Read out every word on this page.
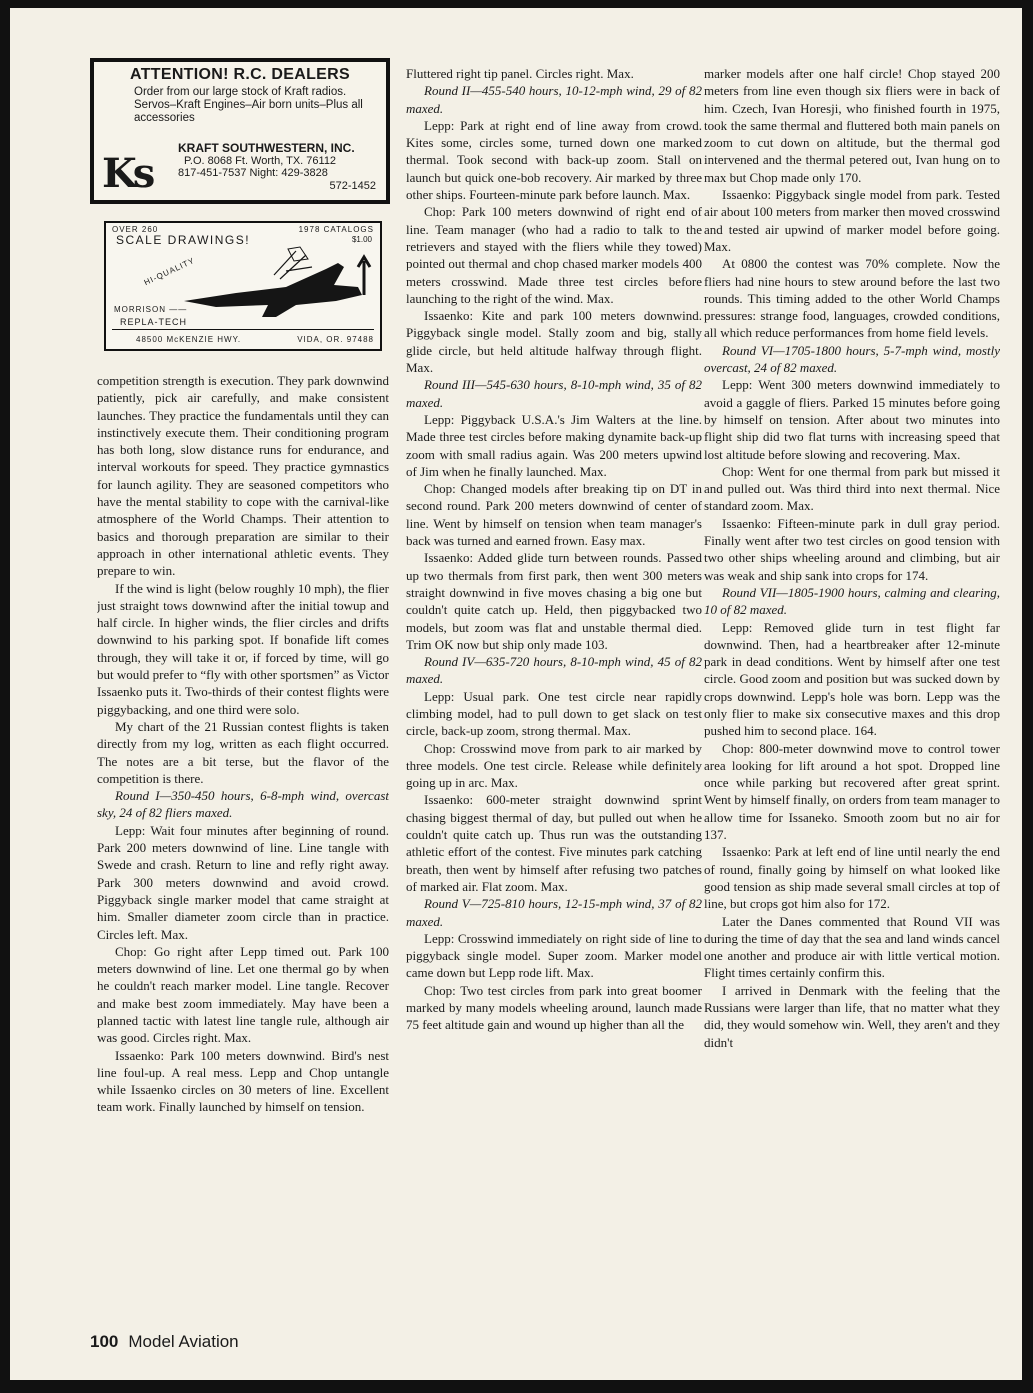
ATTENTION! R.C. DEALERS
Order from our large stock of Kraft radios. Servos–Kraft Engines–Air born units–Plus all accessories
Ks
KRAFT SOUTHWESTERN, INC.
P.O. 8068 Ft. Worth, TX. 76112
817-451-7537 Night: 429-3828
572-1452
OVER 260
SCALE DRAWINGS!
1978 CATALOGS
$1.00
HI-QUALITY
MORRISON ——
REPLA-TECH
48500 McKENZIE HWY.	VIDA, OR. 97488

competition strength is execution. They park downwind patiently, pick air carefully, and make consistent launches. They practice the fundamentals until they can instinctively execute them. Their conditioning program has both long, slow distance runs for endurance, and interval workouts for speed. They practice gymnastics for launch agility. They are seasoned competitors who have the mental stability to cope with the carnival-like atmosphere of the World Champs. Their attention to basics and thorough preparation are similar to their approach in other international athletic events. They prepare to win.

If the wind is light (below roughly 10 mph), the flier just straight tows downwind after the initial towup and half circle. In higher winds, the flier circles and drifts downwind to his parking spot. If bonafide lift comes through, they will take it or, if forced by time, will go but would prefer to “fly with other sportsmen” as Victor Issaenko puts it. Two-thirds of their contest flights were piggybacking, and one third were solo.

My chart of the 21 Russian contest flights is taken directly from my log, written as each flight occurred. The notes are a bit terse, but the flavor of the competition is there.

Round I—350-450 hours, 6-8-mph wind, overcast sky, 24 of 82 fliers maxed.

Lepp: Wait four minutes after beginning of round. Park 200 meters downwind of line. Line tangle with Swede and crash. Return to line and refly right away. Park 300 meters downwind and avoid crowd. Piggyback single marker model that came straight at him. Smaller diameter zoom circle than in practice. Circles left. Max.

Chop: Go right after Lepp timed out. Park 100 meters downwind of line. Let one thermal go by when he couldn't reach marker model. Line tangle. Recover and make best zoom immediately. May have been a planned tactic with latest line tangle rule, although air was good. Circles right. Max.

Issaenko: Park 100 meters downwind. Bird's nest line foul-up. A real mess. Lepp and Chop untangle while Issaenko circles on 30 meters of line. Excellent team work. Finally launched by himself on tension.

Fluttered right tip panel. Circles right. Max.

Round II—455-540 hours, 10-12-mph wind, 29 of 82 maxed.

Lepp: Park at right end of line away from crowd. Kites some, circles some, turned down one marked thermal. Took second with back-up zoom. Stall on launch but quick one-bob recovery. Air marked by three other ships. Fourteen-minute park before launch. Max.

Chop: Park 100 meters downwind of right end of line. Team manager (who had a radio to talk to the retrievers and stayed with the fliers while they towed) pointed out thermal and chop chased marker models 400 meters crosswind. Made three test circles before launching to the right of the wind. Max.

Issaenko: Kite and park 100 meters downwind. Piggyback single model. Stally zoom and big, stally glide circle, but held altitude halfway through flight. Max.

Round III—545-630 hours, 8-10-mph wind, 35 of 82 maxed.

Lepp: Piggyback U.S.A.'s Jim Walters at the line. Made three test circles before making dynamite back-up zoom with small radius again. Was 200 meters upwind of Jim when he finally launched. Max.

Chop: Changed models after breaking tip on DT in second round. Park 200 meters downwind of center of line. Went by himself on tension when team manager's back was turned and earned frown. Easy max.

Issaenko: Added glide turn between rounds. Passed up two thermals from first park, then went 300 meters straight downwind in five moves chasing a big one but couldn't quite catch up. Held, then piggybacked two models, but zoom was flat and unstable thermal died. Trim OK now but ship only made 103.

Round IV—635-720 hours, 8-10-mph wind, 45 of 82 maxed.

Lepp: Usual park. One test circle near rapidly climbing model, had to pull down to get slack on test circle, back-up zoom, strong thermal. Max.

Chop: Crosswind move from park to air marked by three models. One test circle. Release while definitely going up in arc. Max.

Issaenko: 600-meter straight downwind sprint chasing biggest thermal of day, but pulled out when he couldn't quite catch up. Thus run was the outstanding athletic effort of the contest. Five minutes park catching breath, then went by himself after refusing two patches of marked air. Flat zoom. Max.

Round V—725-810 hours, 12-15-mph wind, 37 of 82 maxed.

Lepp: Crosswind immediately on right side of line to piggyback single model. Super zoom. Marker model came down but Lepp rode lift. Max.

Chop: Two test circles from park into great boomer marked by many models wheeling around, launch made 75 feet altitude gain and wound up higher than all the

marker models after one half circle! Chop stayed 200 meters from line even though six fliers were in back of him. Czech, Ivan Horesji, who finished fourth in 1975, took the same thermal and fluttered both main panels on zoom to cut down on altitude, but the thermal god intervened and the thermal petered out, Ivan hung on to max but Chop made only 170.

Issaenko: Piggyback single model from park. Tested air about 100 meters from marker then moved crosswind and tested air upwind of marker model before going. Max.

At 0800 the contest was 70% complete. Now the fliers had nine hours to stew around before the last two rounds. This timing added to the other World Champs pressures: strange food, languages, crowded conditions, all which reduce performances from home field levels.

Round VI—1705-1800 hours, 5-7-mph wind, mostly overcast, 24 of 82 maxed.

Lepp: Went 300 meters downwind immediately to avoid a gaggle of fliers. Parked 15 minutes before going by himself on tension. After about two minutes into flight ship did two flat turns with increasing speed that lost altitude before slowing and recovering. Max.

Chop: Went for one thermal from park but missed it and pulled out. Was third third into next thermal. Nice standard zoom. Max.

Issaenko: Fifteen-minute park in dull gray period. Finally went after two test circles on good tension with two other ships wheeling around and climbing, but air was weak and ship sank into crops for 174.

Round VII—1805-1900 hours, calming and clearing, 10 of 82 maxed.

Lepp: Removed glide turn in test flight far downwind. Then, had a heartbreaker after 12-minute park in dead conditions. Went by himself after one test circle. Good zoom and position but was sucked down by crops downwind. Lepp's hole was born. Lepp was the only flier to make six consecutive maxes and this drop pushed him to second place. 164.

Chop: 800-meter downwind move to control tower area looking for lift around a hot spot. Dropped line once while parking but recovered after great sprint. Went by himself finally, on orders from team manager to allow time for Issaneko. Smooth zoom but no air for 137.

Issaenko: Park at left end of line until nearly the end of round, finally going by himself on what looked like good tension as ship made several small circles at top of line, but crops got him also for 172.

Later the Danes commented that Round VII was during the time of day that the sea and land winds cancel one another and produce air with little vertical motion. Flight times certainly confirm this.

I arrived in Denmark with the feeling that the Russians were larger than life, that no matter what they did, they would somehow win. Well, they aren't and they didn't

100 Model Aviation
